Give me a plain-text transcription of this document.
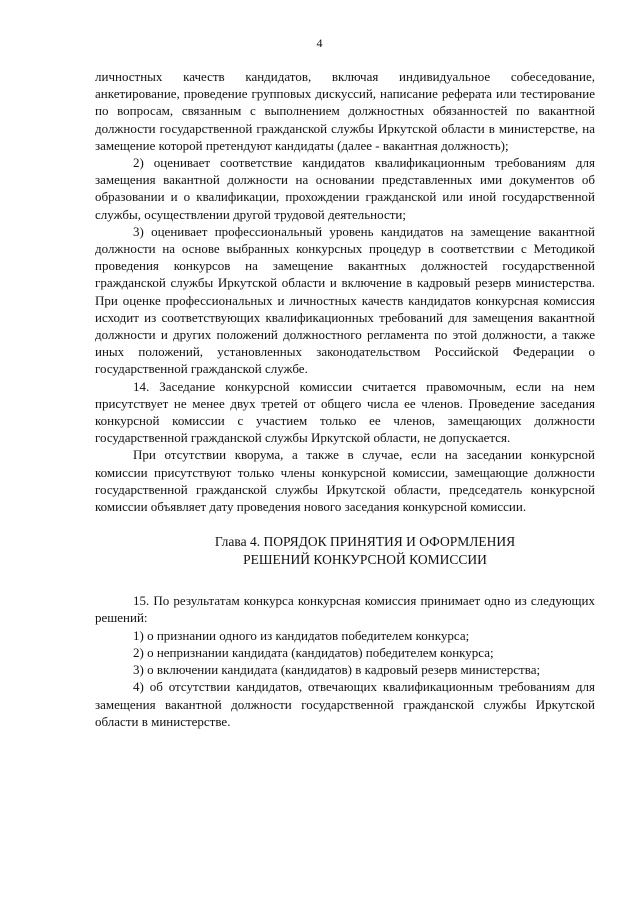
4

личностных качеств кандидатов, включая индивидуальное собеседование, анкетирование, проведение групповых дискуссий, написание реферата или тестирование по вопросам, связанным с выполнением должностных обязанностей по вакантной должности государственной гражданской службы Иркутской области в министерстве, на замещение которой претендуют кандидаты (далее - вакантная должность);

2) оценивает соответствие кандидатов квалификационным требованиям для замещения вакантной должности на основании представленных ими документов об образовании и о квалификации, прохождении гражданской или иной государственной службы, осуществлении другой трудовой деятельности;

3) оценивает профессиональный уровень кандидатов на замещение вакантной должности на основе выбранных конкурсных процедур в соответствии с Методикой проведения конкурсов на замещение вакантных должностей государственной гражданской службы Иркутской области и включение в кадровый резерв министерства. При оценке профессиональных и личностных качеств кандидатов конкурсная комиссия исходит из соответствующих квалификационных требований для замещения вакантной должности и других положений должностного регламента по этой должности, а также иных положений, установленных законодательством Российской Федерации о государственной гражданской службе.

14. Заседание конкурсной комиссии считается правомочным, если на нем присутствует не менее двух третей от общего числа ее членов. Проведение заседания конкурсной комиссии с участием только ее членов, замещающих должности государственной гражданской службы Иркутской области, не допускается.

При отсутствии кворума, а также в случае, если на заседании конкурсной комиссии присутствуют только члены конкурсной комиссии, замещающие должности государственной гражданской службы Иркутской области, председатель конкурсной комиссии объявляет дату проведения нового заседания конкурсной комиссии.

Глава 4. ПОРЯДОК ПРИНЯТИЯ И ОФОРМЛЕНИЯ
РЕШЕНИЙ КОНКУРСНОЙ КОМИССИИ

15. По результатам конкурса конкурсная комиссия принимает одно из следующих решений:

1) о признании одного из кандидатов победителем конкурса;

2) о непризнании кандидата (кандидатов) победителем конкурса;

3) о включении кандидата (кандидатов) в кадровый резерв министерства;

4) об отсутствии кандидатов, отвечающих квалификационным требованиям для замещения вакантной должности государственной гражданской службы Иркутской области в министерстве.
